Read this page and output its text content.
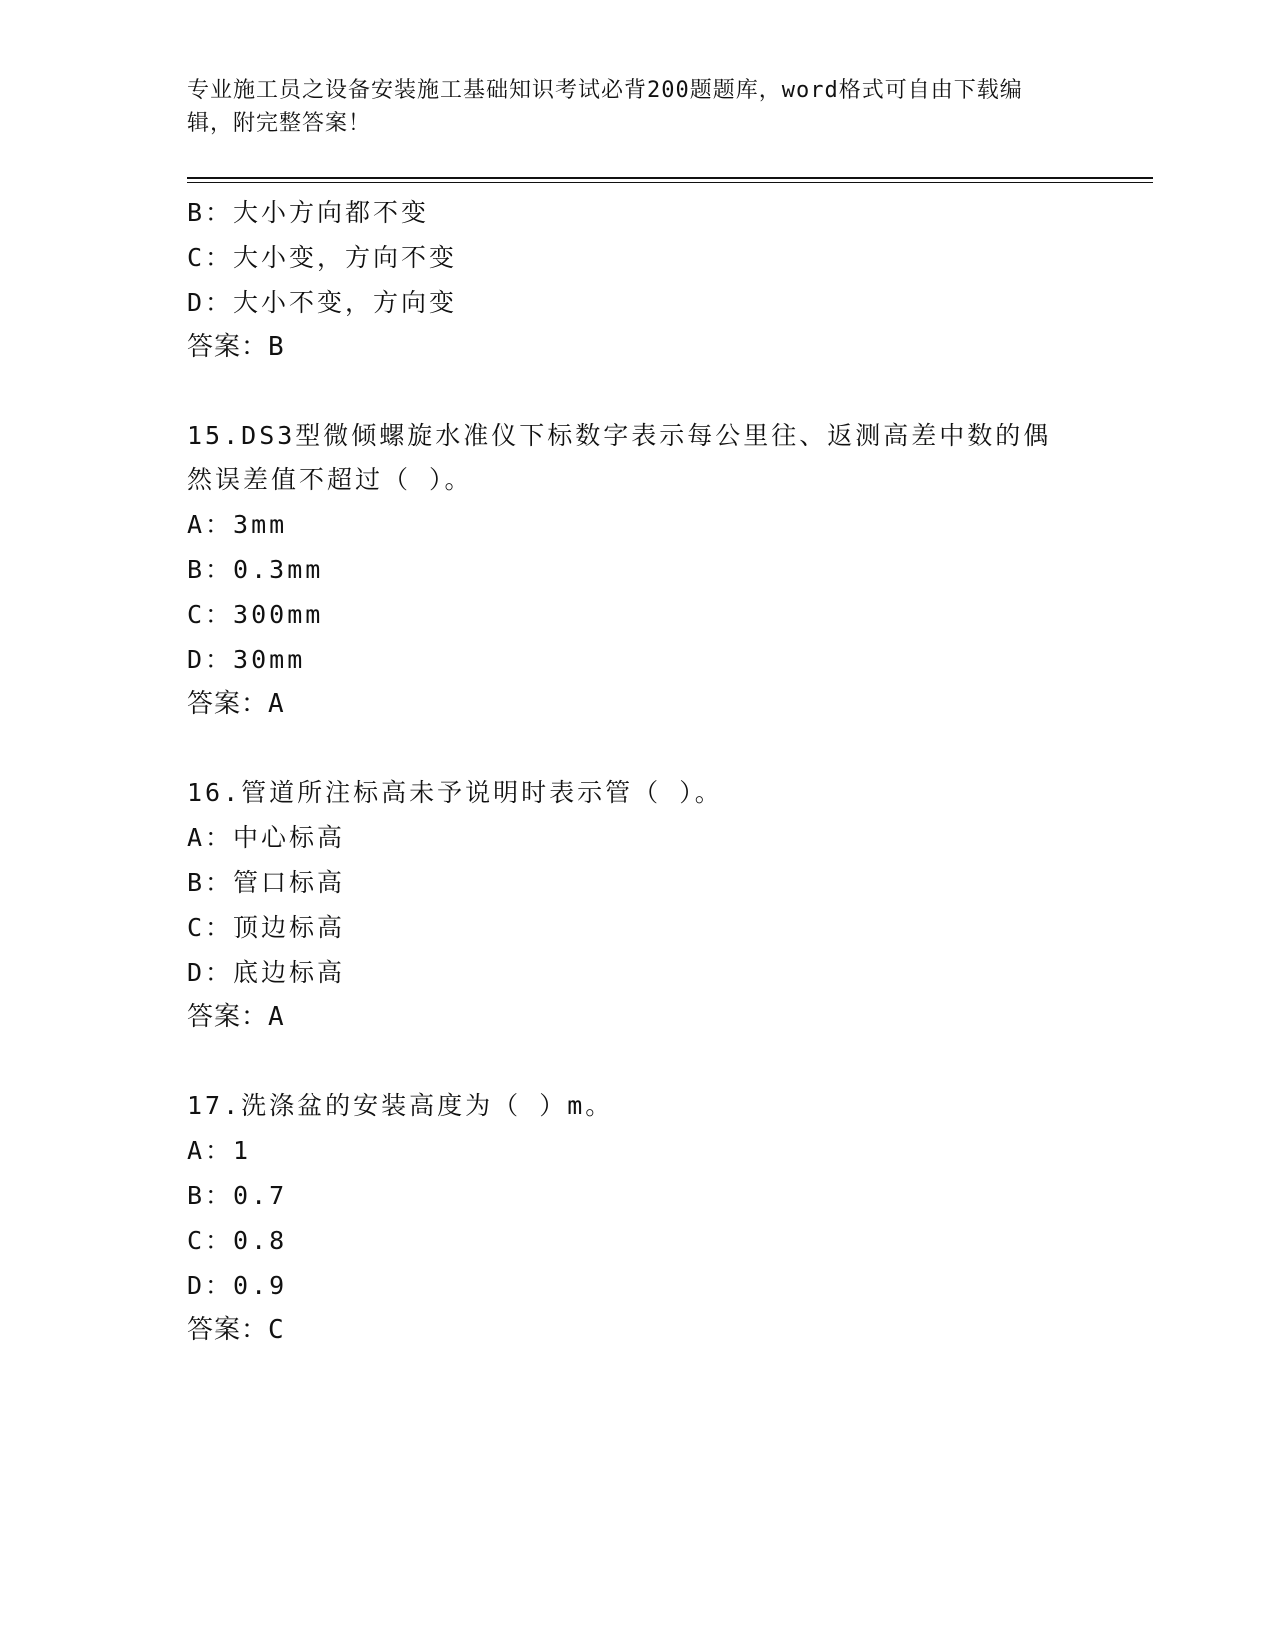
专业施工员之设备安装施工基础知识考试必背200题题库，word格式可自由下载编辑，附完整答案！
B：大小方向都不变
C：大小变，方向不变
D：大小不变，方向变
答案：B
15.DS3型微倾螺旋水准仪下标数字表示每公里往、返测高差中数的偶然误差值不超过（ ）。
A：3mm
B：0.3mm
C：300mm
D：30mm
答案：A
16.管道所注标高未予说明时表示管（ ）。
A：中心标高
B：管口标高
C：顶边标高
D：底边标高
答案：A
17.洗涤盆的安装高度为（ ）m。
A：1
B：0.7
C：0.8
D：0.9
答案：C
